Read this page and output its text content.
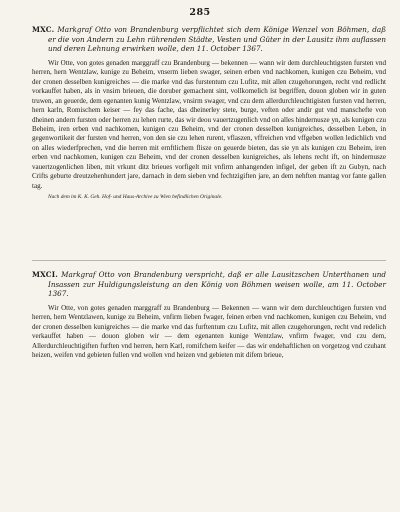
285
MXC. Markgraf Otto von Brandenburg verpflichtet sich dem Könige Wenzel von Böhmen, daß er die von Andern zu Lehn rührenden Städte, Vesten und Güter in der Lausitz ihm auflassen und deren Lehnung erwirken wolle, den 11. October 1367.
Wir Otte, von gotes genaden marggraff czu Brandenburg — bekennen — wann wir dem durchleuchtigsten fursten vnd herren, hern Wentzlaw, kunige zu Beheim, vnserm lieben swager, seinen erben vnd nachkomen, kunigen czu Beheim, vnd der cronen desselben kunigreiches — die marke vnd das furstentum czu Lufitz, mit allen czugehorungen, recht vnd redlicht vorkauffet haben, als in vnsirn brieuen, die doruber gemachent sint, vollkomelich ist begriffen, douon globen wir in guten truwen, an geuerde, dem egenanten kunig Wentzlaw, vnsirm swager, vnd czu dem allerdurchleuchtigisten fursten vnd herren, hern karln, Romischem keiser — fey das fache, das dheinerley stete, burge, veften oder andir gut vnd manschefte von dheinen andern fursten oder herren zu lehen rurte, das wir deou vauertzugenlich vnd on alles hindernusze yn, als kunigen czu Beheim, iren erben vnd nachkomen, kunigen czu Beheim, vnd der cronen desselben kunigreiches, desselben Leben, in gegenwortikeit der fursten vnd herren, von den sie czu lehen rurent, vflaszen, vffreichen vnd vffgeben wollen ledichlich vnd on alles wiederfprechen, vnd die herren mit ernftlichem flisze on geuerde bieten, das sie yn als kunigen czu Beheim, iren erben vnd nachkomen, kunigen czu Beheim, vnd der cronen desselben kunigreiches, als lehens recht ift, on hindernusze vauertzogenlichen liben, mit vrkunt ditz brieues vorfigelt mit vnfirm anhangenden infigel, der geben ift zu Gubyn, nach Crifts geburte dreutzehenhundert jare, darnach in dem sieben vnd fechtzigiften jare, an dem nehften mantag vor fante gallen tag.
Nach dem im K. K. Geh. Hof- und Haus-Archive zu Wien befindlichen Originale.
MXCI. Markgraf Otto von Brandenburg verspricht, daß er alle Lausitzschen Unterthanen und Insassen zur Huldigungsleistung an den König von Böhmen weisen wolle, am 11. October 1367.
Wir Otte, von gotes genaden marggraff zu Brandenburg — Bekennen — wann wir dem durchleuchtigen fursten vnd herren, hern Wentzlawen, kunige zu Beheim, vnfirm lieben fwager, feinen erben vnd nachkomen, kunigen czu Beheim, vnd der cronen desselben kunigreiches — die marke vnd das furftentum czu Lufitz, mit allen czugehorungen, recht vnd redelich verkauffet haben — douon globen wir — dem egenanten kunige Wentzlaw, vnfirm fwager, vnd czu dem, Allerdurchleuchtigiften furften vnd herren, hern Karl, romifchem keifer — das wir endehaftlichen on vorgetzog vnd czuhant heizen, weifen vnd gebieten fullen vnd wollen vnd heizen vnd gebieten mit difem brieue,
